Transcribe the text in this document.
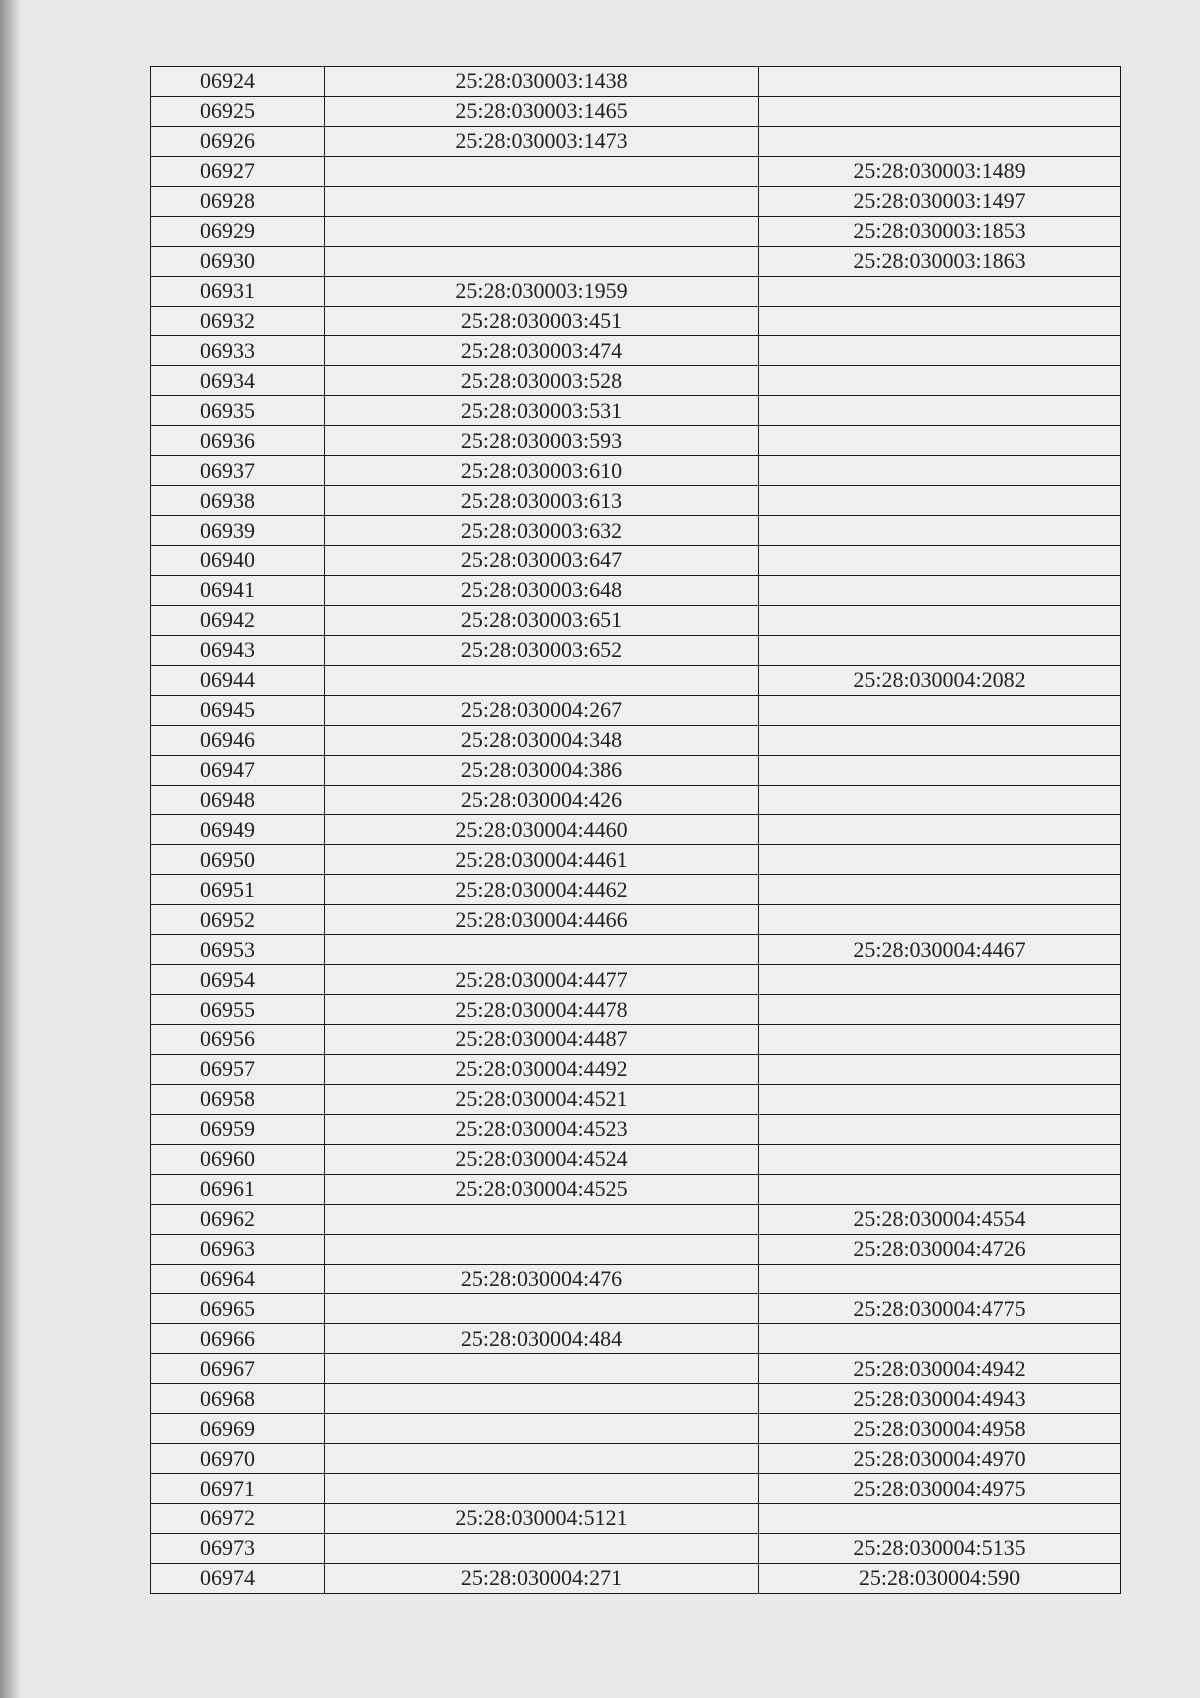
06924	25:28:030003:1438	
06925	25:28:030003:1465	
06926	25:28:030003:1473	
06927		25:28:030003:1489
06928		25:28:030003:1497
06929		25:28:030003:1853
06930		25:28:030003:1863
06931	25:28:030003:1959	
06932	25:28:030003:451	
06933	25:28:030003:474	
06934	25:28:030003:528	
06935	25:28:030003:531	
06936	25:28:030003:593	
06937	25:28:030003:610	
06938	25:28:030003:613	
06939	25:28:030003:632	
06940	25:28:030003:647	
06941	25:28:030003:648	
06942	25:28:030003:651	
06943	25:28:030003:652	
06944		25:28:030004:2082
06945	25:28:030004:267	
06946	25:28:030004:348	
06947	25:28:030004:386	
06948	25:28:030004:426	
06949	25:28:030004:4460	
06950	25:28:030004:4461	
06951	25:28:030004:4462	
06952	25:28:030004:4466	
06953		25:28:030004:4467
06954	25:28:030004:4477	
06955	25:28:030004:4478	
06956	25:28:030004:4487	
06957	25:28:030004:4492	
06958	25:28:030004:4521	
06959	25:28:030004:4523	
06960	25:28:030004:4524	
06961	25:28:030004:4525	
06962		25:28:030004:4554
06963		25:28:030004:4726
06964	25:28:030004:476	
06965		25:28:030004:4775
06966	25:28:030004:484	
06967		25:28:030004:4942
06968		25:28:030004:4943
06969		25:28:030004:4958
06970		25:28:030004:4970
06971		25:28:030004:4975
06972	25:28:030004:5121	
06973		25:28:030004:5135
06974	25:28:030004:271	25:28:030004:590
